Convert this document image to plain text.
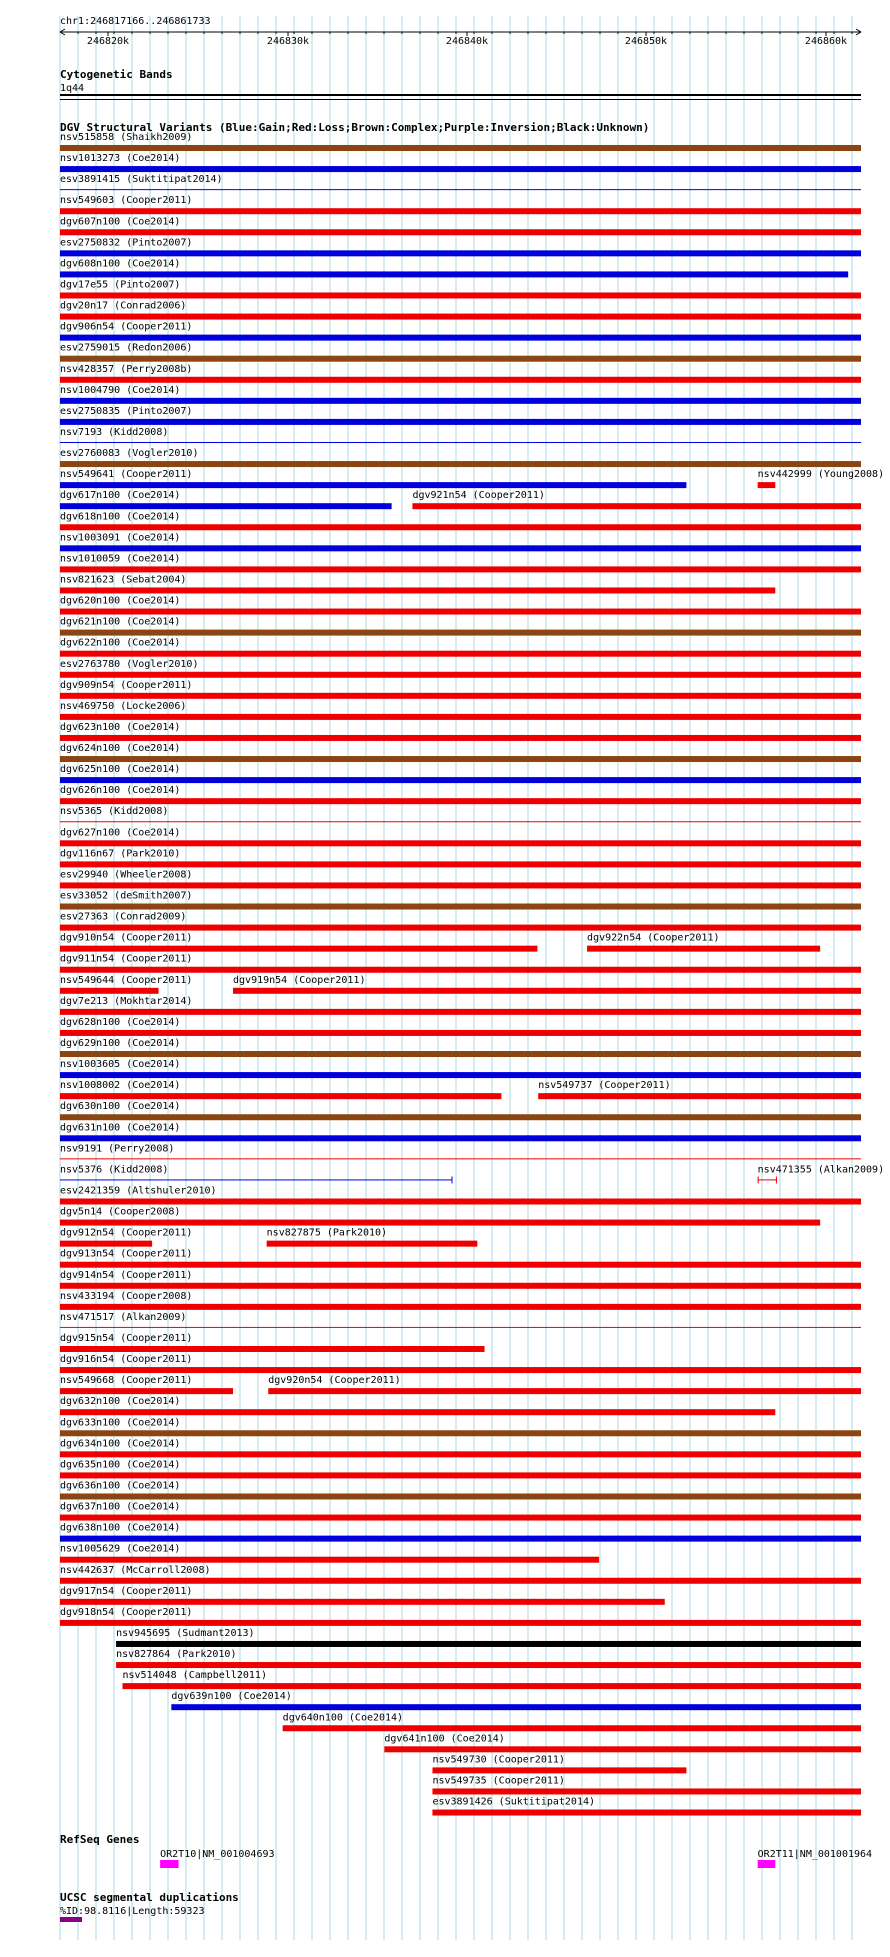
chr1:246817166..246861733
246820k	246830k	246840k	246850k	246860k
Cytogenetic Bands
1q44
DGV Structural Variants (Blue:Gain;Red:Loss;Brown:Complex;Purple:Inversion;Black:Unknown)
nsv515858 (Shaikh2009)
nsv1013273 (Coe2014)
esv3891415 (Suktitipat2014)
nsv549603 (Cooper2011)
dgv607n100 (Coe2014)
esv2750832 (Pinto2007)
dgv608n100 (Coe2014)
dgv17e55 (Pinto2007)
dgv20n17 (Conrad2006)
dgv906n54 (Cooper2011)
esv2759015 (Redon2006)
nsv428357 (Perry2008b)
nsv1004790 (Coe2014)
esv2750835 (Pinto2007)
nsv7193 (Kidd2008)
esv2760083 (Vogler2010)
nsv549641 (Cooper2011)	nsv442999 (Young2008)
dgv617n100 (Coe2014)	dgv921n54 (Cooper2011)
dgv618n100 (Coe2014)
nsv1003091 (Coe2014)
nsv1010059 (Coe2014)
nsv821623 (Sebat2004)
dgv620n100 (Coe2014)
dgv621n100 (Coe2014)
dgv622n100 (Coe2014)
esv2763780 (Vogler2010)
dgv909n54 (Cooper2011)
nsv469750 (Locke2006)
dgv623n100 (Coe2014)
dgv624n100 (Coe2014)
dgv625n100 (Coe2014)
dgv626n100 (Coe2014)
nsv5365 (Kidd2008)
dgv627n100 (Coe2014)
dgv116n67 (Park2010)
esv29940 (Wheeler2008)
esv33052 (deSmith2007)
esv27363 (Conrad2009)
dgv910n54 (Cooper2011)	dgv922n54 (Cooper2011)
dgv911n54 (Cooper2011)
nsv549644 (Cooper2011)	dgv919n54 (Cooper2011)
dgv7e213 (Mokhtar2014)
dgv628n100 (Coe2014)
dgv629n100 (Coe2014)
nsv1003605 (Coe2014)
nsv1008002 (Coe2014)	nsv549737 (Cooper2011)
dgv630n100 (Coe2014)
dgv631n100 (Coe2014)
nsv9191 (Perry2008)
nsv5376 (Kidd2008)	nsv471355 (Alkan2009)
esv2421359 (Altshuler2010)
dgv5n14 (Cooper2008)
dgv912n54 (Cooper2011)	nsv827875 (Park2010)
dgv913n54 (Cooper2011)
dgv914n54 (Cooper2011)
nsv433194 (Cooper2008)
nsv471517 (Alkan2009)
dgv915n54 (Cooper2011)
dgv916n54 (Cooper2011)
nsv549668 (Cooper2011)	dgv920n54 (Cooper2011)
dgv632n100 (Coe2014)
dgv633n100 (Coe2014)
dgv634n100 (Coe2014)
dgv635n100 (Coe2014)
dgv636n100 (Coe2014)
dgv637n100 (Coe2014)
dgv638n100 (Coe2014)
nsv1005629 (Coe2014)
nsv442637 (McCarroll2008)
dgv917n54 (Cooper2011)
dgv918n54 (Cooper2011)
nsv945695 (Sudmant2013)
nsv827864 (Park2010)
nsv514048 (Campbell2011)
dgv639n100 (Coe2014)
dgv640n100 (Coe2014)
dgv641n100 (Coe2014)
nsv549730 (Cooper2011)
nsv549735 (Cooper2011)
esv3891426 (Suktitipat2014)
RefSeq Genes
OR2T10|NM_001004693	OR2T11|NM_001001964
UCSC segmental duplications
%ID:98.8116|Length:59323
